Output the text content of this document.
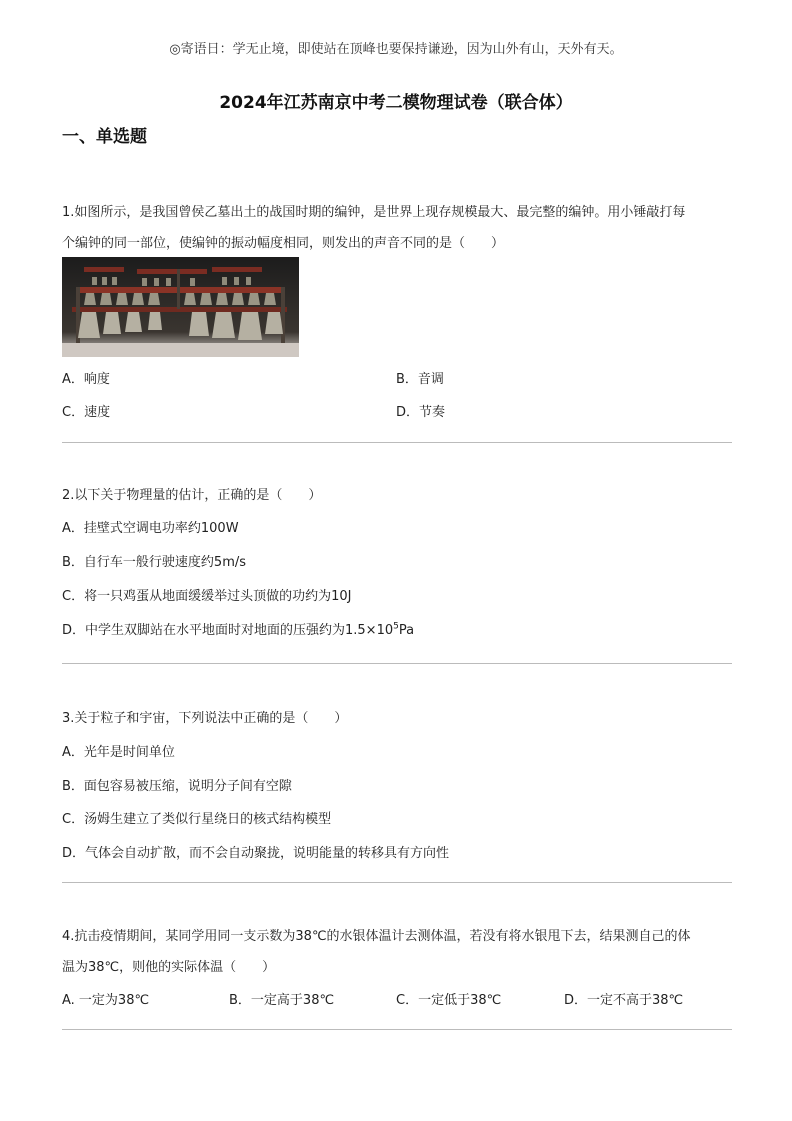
◎寄语日：学无止境，即使站在顶峰也要保持谦逊，因为山外有山，天外有天。
2024年江苏南京中考二模物理试卷（联合体）
一、单选题
1.如图所示，是我国曾侯乙墓出土的战国时期的编钟，是世界上现存规模最大、最完整的编钟。用小锤敲打每
个编钟的同一部位，使编钟的振动幅度相同，则发出的声音不同的是（　　）
A．响度	B．音调
C．速度	D．节奏
2.以下关于物理量的估计，正确的是（　　）
A．挂壁式空调电功率约100W
B．自行车一般行驶速度约5m/s
C．将一只鸡蛋从地面缓缓举过头顶做的功约为10J
D．中学生双脚站在水平地面时对地面的压强约为$1.5\times 10^5Pa$
3.关于粒子和宇宙，下列说法中正确的是（　　）
A．光年是时间单位
B．面包容易被压缩，说明分子间有空隙
C．汤姆生建立了类似行星绕日的核式结构模型
D．气体会自动扩散，而不会自动聚拢，说明能量的转移具有方向性
4.抗击疫情期间，某同学用同一支示数为38℃的水银体温计去测体温，若没有将水银甩下去，结果测自己的体
温为38℃，则他的实际体温（　　）
A. 一定为38℃	B．一定高于38℃	C．一定低于38℃	D．一定不高于38℃
